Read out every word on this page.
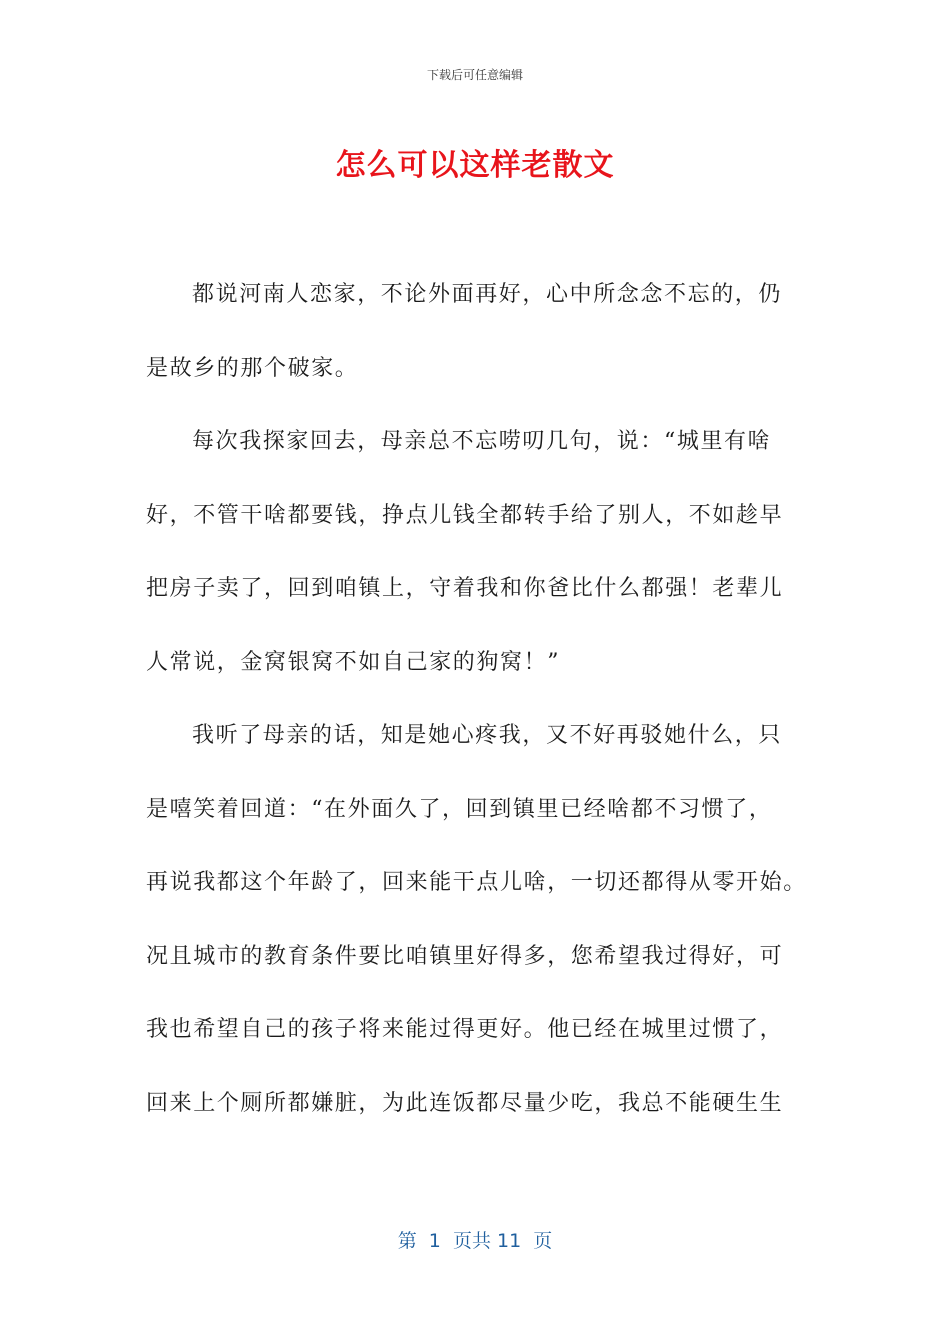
下载后可任意编辑
怎么可以这样老散文
都说河南人恋家，不论外面再好，心中所念念不忘的，仍
是故乡的那个破家。
每次我探家回去，母亲总不忘唠叨几句，说：“城里有啥
好，不管干啥都要钱，挣点儿钱全都转手给了别人，不如趁早
把房子卖了，回到咱镇上，守着我和你爸比什么都强！老辈儿
人常说，金窝银窝不如自己家的狗窝！”
我听了母亲的话，知是她心疼我，又不好再驳她什么，只
是嘻笑着回道：“在外面久了，回到镇里已经啥都不习惯了，
再说我都这个年龄了，回来能干点儿啥，一切还都得从零开始。
况且城市的教育条件要比咱镇里好得多，您希望我过得好，可
我也希望自己的孩子将来能过得更好。他已经在城里过惯了，
回来上个厕所都嫌脏，为此连饭都尽量少吃，我总不能硬生生
第  1  页共 11  页
